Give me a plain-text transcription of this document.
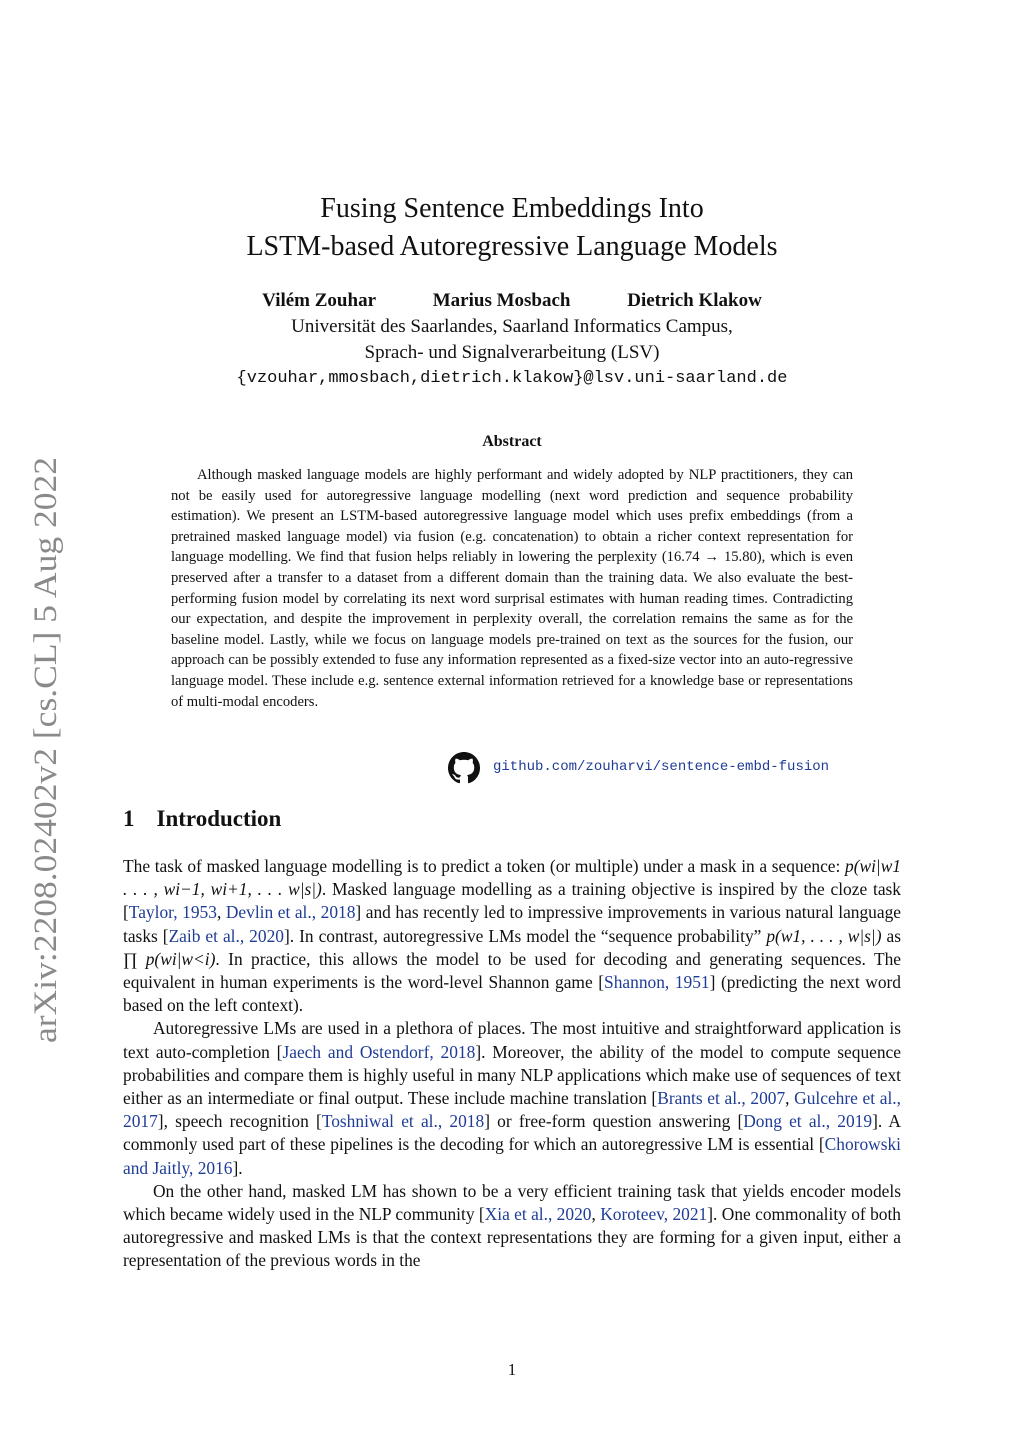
arXiv:2208.02402v2 [cs.CL] 5 Aug 2022
Fusing Sentence Embeddings Into
LSTM-based Autoregressive Language Models
Vilém Zouhar	Marius Mosbach	Dietrich Klakow
Universität des Saarlandes, Saarland Informatics Campus,
Sprach- und Signalverarbeitung (LSV)
{vzouhar,mmosbach,dietrich.klakow}@lsv.uni-saarland.de
Abstract
Although masked language models are highly performant and widely adopted by NLP practitioners, they can not be easily used for autoregressive language modelling (next word prediction and sequence probability estimation). We present an LSTM-based autoregressive language model which uses prefix embeddings (from a pretrained masked language model) via fusion (e.g. concatenation) to obtain a richer context representation for language modelling. We find that fusion helps reliably in lowering the perplexity (16.74 → 15.80), which is even preserved after a transfer to a dataset from a different domain than the training data. We also evaluate the best-performing fusion model by correlating its next word surprisal estimates with human reading times. Contradicting our expectation, and despite the improvement in perplexity overall, the correlation remains the same as for the baseline model. Lastly, while we focus on language models pre-trained on text as the sources for the fusion, our approach can be possibly extended to fuse any information represented as a fixed-size vector into an auto-regressive language model. These include e.g. sentence external information retrieved for a knowledge base or representations of multi-modal encoders.
github.com/zouharvi/sentence-embd-fusion
1 Introduction

The task of masked language modelling is to predict a token (or multiple) under a mask in a sequence: p(wi|w1 . . . , wi−1, wi+1, . . . w|s|). Masked language modelling as a training objective is inspired by the cloze task [Taylor, 1953, Devlin et al., 2018] and has recently led to impressive improvements in various natural language tasks [Zaib et al., 2020]. In contrast, autoregressive LMs model the “sequence probability” p(w1, . . . , w|s|) as ∏ p(wi|w<i). In practice, this allows the model to be used for decoding and generating sequences. The equivalent in human experiments is the word-level Shannon game [Shannon, 1951] (predicting the next word based on the left context).

Autoregressive LMs are used in a plethora of places. The most intuitive and straightforward application is text auto-completion [Jaech and Ostendorf, 2018]. Moreover, the ability of the model to compute sequence probabilities and compare them is highly useful in many NLP applications which make use of sequences of text either as an intermediate or final output. These include machine translation [Brants et al., 2007, Gulcehre et al., 2017], speech recognition [Toshniwal et al., 2018] or free-form question answering [Dong et al., 2019]. A commonly used part of these pipelines is the decoding for which an autoregressive LM is essential [Chorowski and Jaitly, 2016].

On the other hand, masked LM has shown to be a very efficient training task that yields encoder models which became widely used in the NLP community [Xia et al., 2020, Koroteev, 2021]. One commonality of both autoregressive and masked LMs is that the context representations they are forming for a given input, either a representation of the previous words in the

1
